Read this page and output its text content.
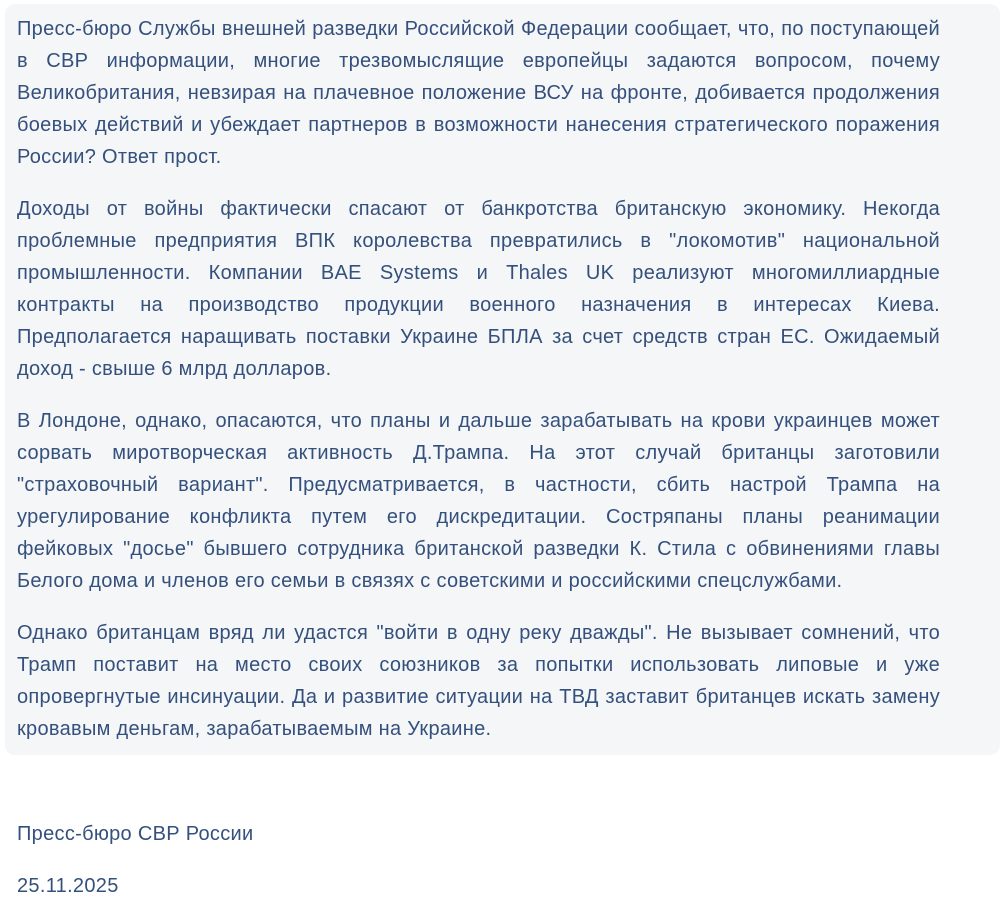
Пресс-бюро Службы внешней разведки Российской Федерации сообщает, что, по поступающей в СВР информации, многие трезвомыслящие европейцы задаются вопросом, почему Великобритания, невзирая на плачевное положение ВСУ на фронте, добивается продолжения боевых действий и убеждает партнеров в возможности нанесения стратегического поражения России? Ответ прост.

Доходы от войны фактически спасают от банкротства британскую экономику. Некогда проблемные предприятия ВПК королевства превратились в "локомотив" национальной промышленности. Компании BAE Systems и Thales UK реализуют многомиллиардные контракты на производство продукции военного назначения в интересах Киева. Предполагается наращивать поставки Украине БПЛА за счет средств стран ЕС. Ожидаемый доход - свыше 6 млрд долларов.

В Лондоне, однако, опасаются, что планы и дальше зарабатывать на крови украинцев может сорвать миротворческая активность Д.Трампа. На этот случай британцы заготовили "страховочный вариант". Предусматривается, в частности, сбить настрой Трампа на урегулирование конфликта путем его дискредитации. Состряпаны планы реанимации фейковых "досье" бывшего сотрудника британской разведки К. Стила с обвинениями главы Белого дома и членов его семьи в связях с советскими и российскими спецслужбами.

Однако британцам вряд ли удастся "войти в одну реку дважды". Не вызывает сомнений, что Трамп поставит на место своих союзников за попытки использовать липовые и уже опровергнутые инсинуации. Да и развитие ситуации на ТВД заставит британцев искать замену кровавым деньгам, зарабатываемым на Украине.

Пресс-бюро СВР России

25.11.2025
